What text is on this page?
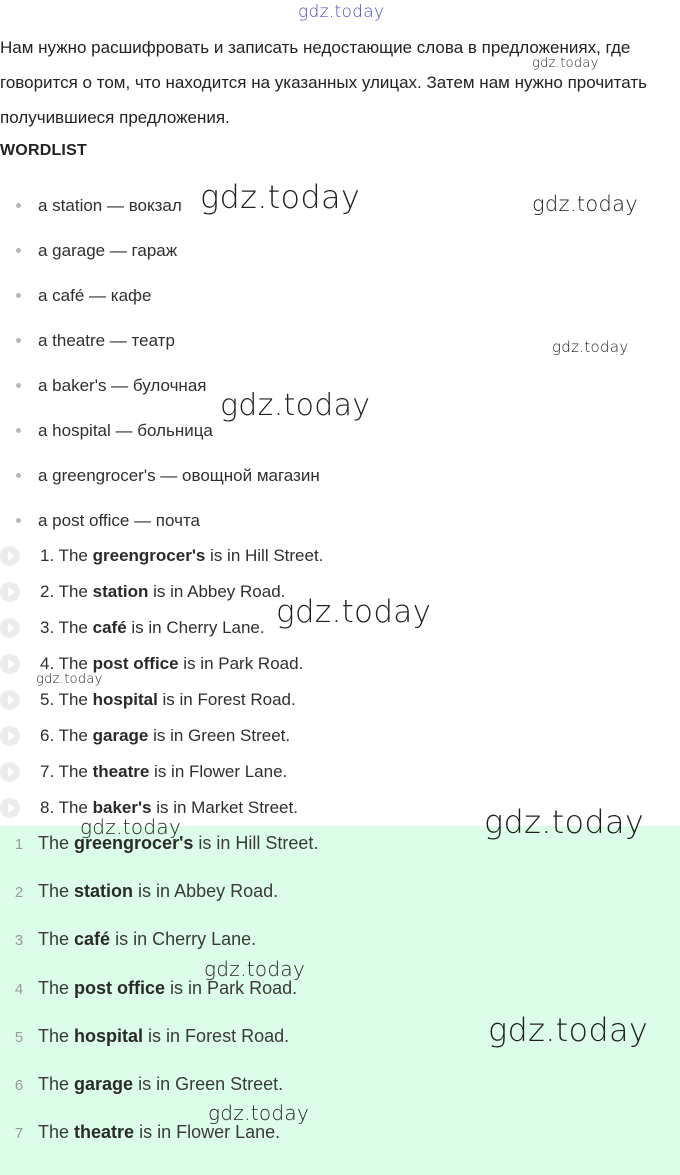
gdz.today
Нам нужно расшифровать и записать недостающие слова в предложениях, где говорится о том, что находится на указанных улицах. Затем нам нужно прочитать получившиеся предложения.
WORDLIST
a station — вокзал
a garage — гараж
a café — кафе
a theatre — театр
a baker's — булочная
a hospital — больница
a greengrocer's — овощной магазин
a post office — почта
1. The greengrocer's is in Hill Street.
2. The station is in Abbey Road.
3. The café is in Cherry Lane.
4. The post office is in Park Road.
5. The hospital is in Forest Road.
6. The garage is in Green Street.
7. The theatre is in Flower Lane.
8. The baker's is in Market Street.
1 The greengrocer's is in Hill Street.
2 The station is in Abbey Road.
3 The café is in Cherry Lane.
4 The post office is in Park Road.
5 The hospital is in Forest Road.
6 The garage is in Green Street.
7 The theatre is in Flower Lane.
gdz.today
gdz.today	gdz.today
gdz.today
gdz.today
gdz.today
gdz.today
gdz.today	gdz.today
gdz.today
gdz.today
gdz.today
